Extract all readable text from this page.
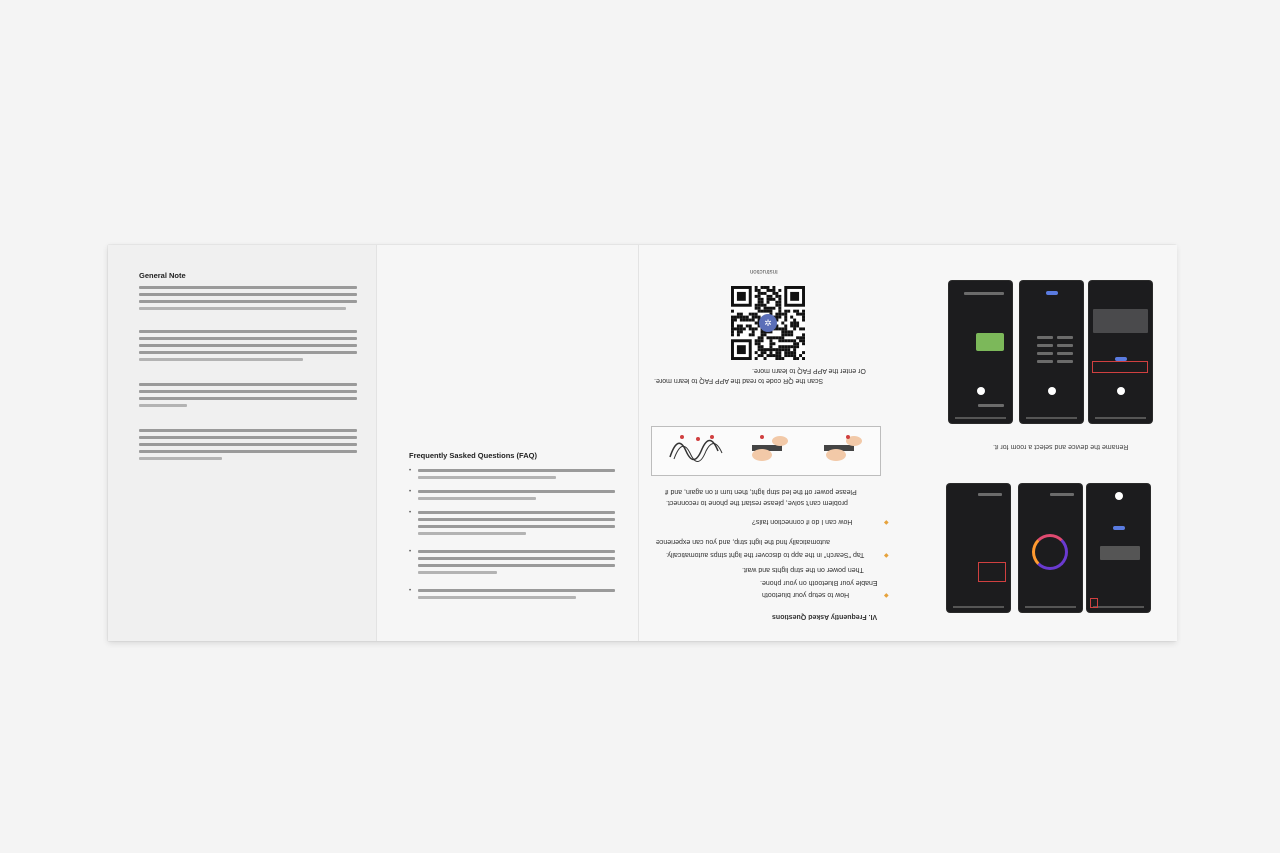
General Note
Frequently Sasked Questions (FAQ)
•
•
•
•
•
Instruction
✲
Scan the QR code to read the APP FAQ to learn more.
Or enter the APP FAQ to learn more.
problem can't solve, please restart the phone to reconnect.
Please power off the led strip light, then turn it on again, and if
How can I do if connection fails?	◆
automatically find the light strip, and you can experience
Tap "Search" in the app to discover the light strips automatically.	◆
Then power on the strip lights and wait.
Enable your Bluetooth on your phone.
How to setup your bluetooth	◆
VI. Frequently Asked Questions
Rename the device and select a room for it.
